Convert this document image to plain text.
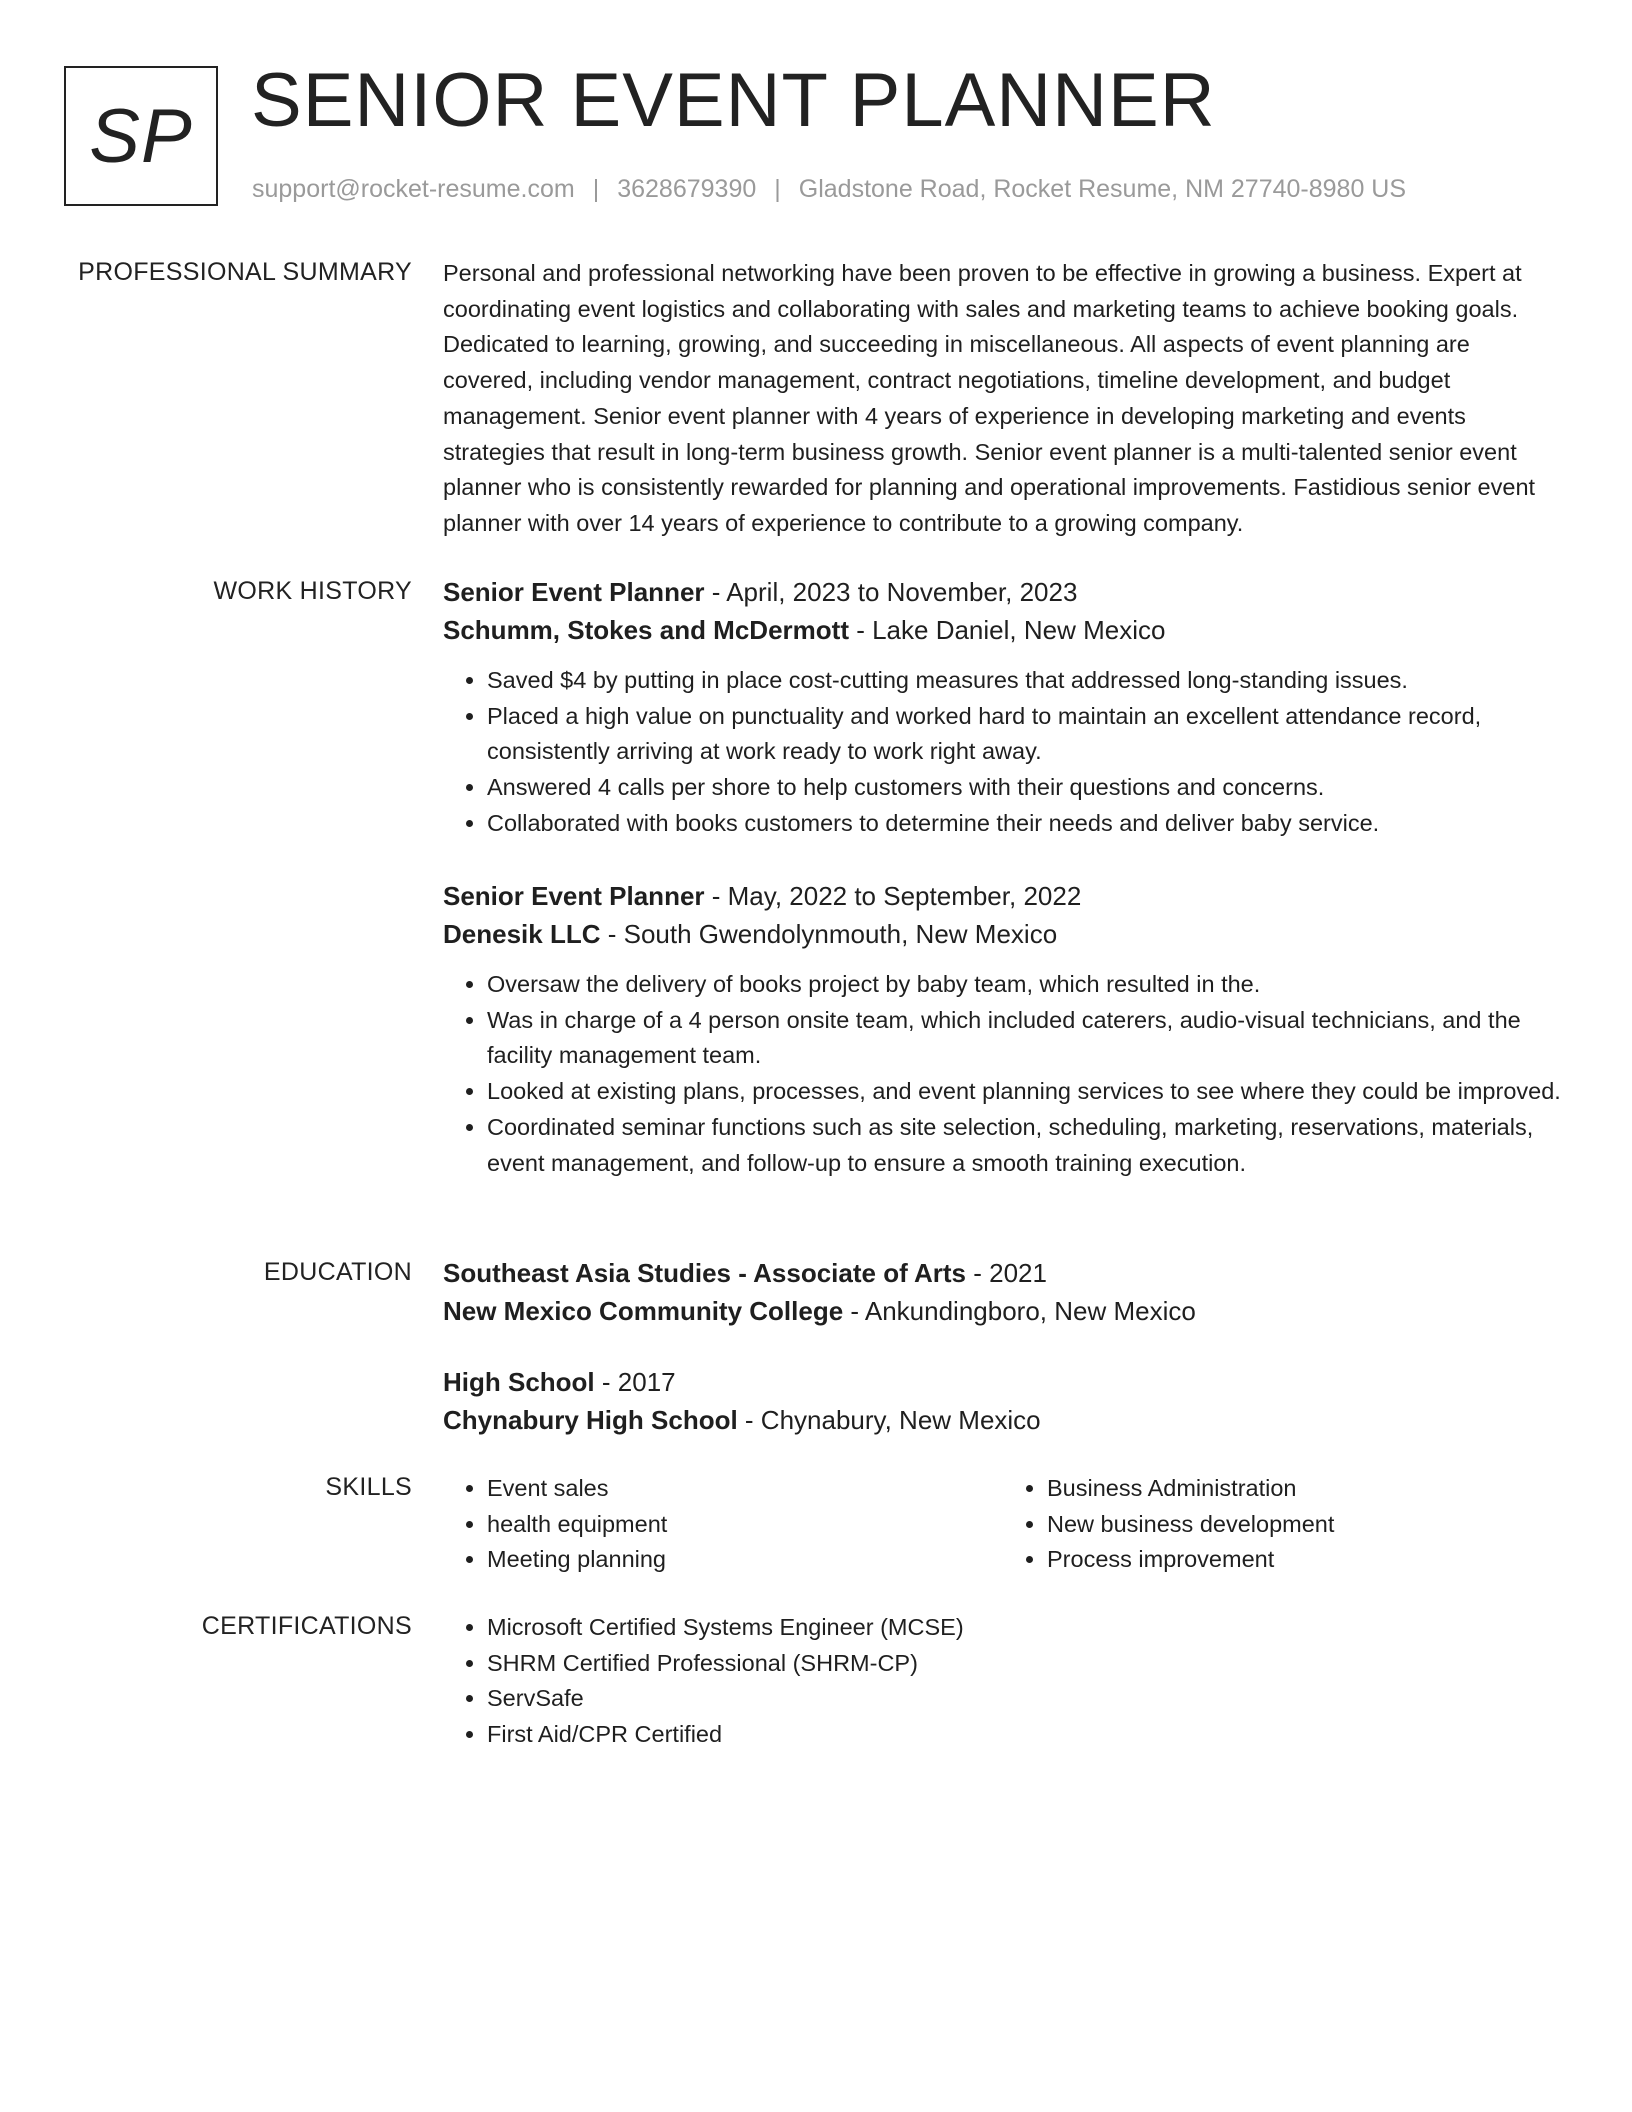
SP SENIOR EVENT PLANNER
support@rocket-resume.com | 3628679390 | Gladstone Road, Rocket Resume, NM 27740-8980 US
PROFESSIONAL SUMMARY Personal and professional networking have been proven to be effective in growing a business. Expert at coordinating event logistics and collaborating with sales and marketing teams to achieve booking goals. Dedicated to learning, growing, and succeeding in miscellaneous. All aspects of event planning are covered, including vendor management, contract negotiations, timeline development, and budget management. Senior event planner with 4 years of experience in developing marketing and events strategies that result in long-term business growth. Senior event planner is a multi-talented senior event planner who is consistently rewarded for planning and operational improvements. Fastidious senior event planner with over 14 years of experience to contribute to a growing company.

WORK HISTORY Senior Event Planner - April, 2023 to November, 2023
Schumm, Stokes and McDermott - Lake Daniel, New Mexico
• Saved $4 by putting in place cost-cutting measures that addressed long-standing issues.
• Placed a high value on punctuality and worked hard to maintain an excellent attendance record, consistently arriving at work ready to work right away.
• Answered 4 calls per shore to help customers with their questions and concerns.
• Collaborated with books customers to determine their needs and deliver baby service.
Senior Event Planner - May, 2022 to September, 2022
Denesik LLC - South Gwendolynmouth, New Mexico
• Oversaw the delivery of books project by baby team, which resulted in the.
• Was in charge of a 4 person onsite team, which included caterers, audio-visual technicians, and the facility management team.
• Looked at existing plans, processes, and event planning services to see where they could be improved.
• Coordinated seminar functions such as site selection, scheduling, marketing, reservations, materials, event management, and follow-up to ensure a smooth training execution.
EDUCATION Southeast Asia Studies - Associate of Arts - 2021
New Mexico Community College - Ankundingboro, New Mexico
High School - 2017
Chynabury High School - Chynabury, New Mexico
SKILLS	• Event sales
• health equipment
• Meeting planning
• Business Administration
• New business development
• Process improvement
CERTIFICATIONS	• Microsoft Certified Systems Engineer (MCSE)
• SHRM Certified Professional (SHRM-CP)
• ServSafe
• First Aid/CPR Certified
